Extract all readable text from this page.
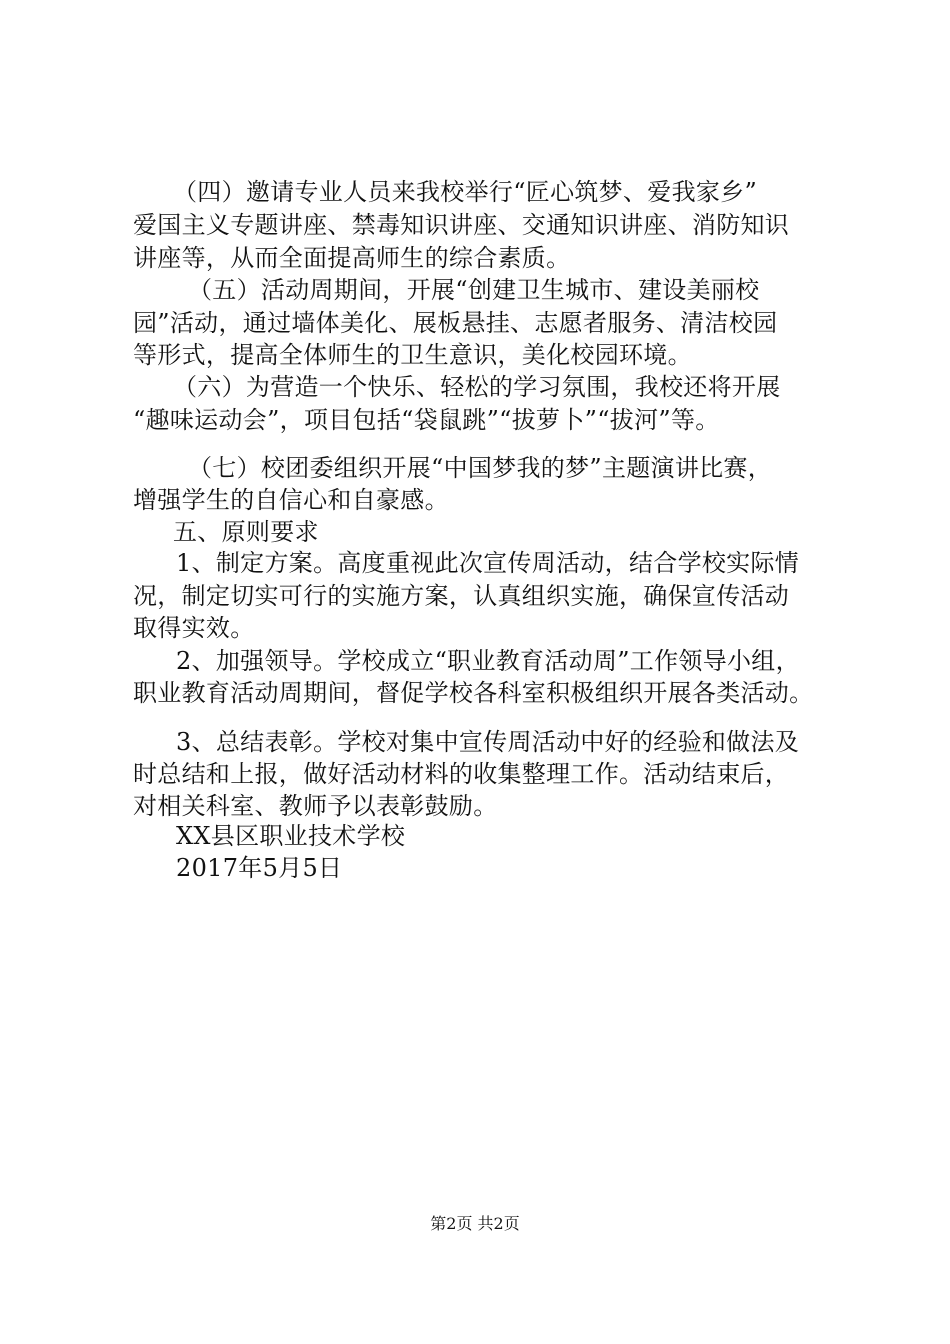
（四）邀请专业人员来我校举行“匠心筑梦、爱我家乡”

爱国主义专题讲座、禁毒知识讲座、交通知识讲座、消防知识

讲座等，从而全面提高师生的综合素质。

（五）活动周期间，开展“创建卫生城市、建设美丽校

园”活动，通过墙体美化、展板悬挂、志愿者服务、清洁校园

等形式，提高全体师生的卫生意识，美化校园环境。

（六）为营造一个快乐、轻松的学习氛围，我校还将开展

“趣味运动会”，项目包括“袋鼠跳”“拔萝卜”“拔河”等。

（七）校团委组织开展“中国梦我的梦”主题演讲比赛，

增强学生的自信心和自豪感。

五、原则要求

1、制定方案。高度重视此次宣传周活动，结合学校实际情

况，制定切实可行的实施方案，认真组织实施，确保宣传活动

取得实效。

2、加强领导。学校成立“职业教育活动周”工作领导小组，

职业教育活动周期间，督促学校各科室积极组织开展各类活动。

3、总结表彰。学校对集中宣传周活动中好的经验和做法及

时总结和上报，做好活动材料的收集整理工作。活动结束后，

对相关科室、教师予以表彰鼓励。

XX县区职业技术学校

2017年5月5日

第2页 共2页
